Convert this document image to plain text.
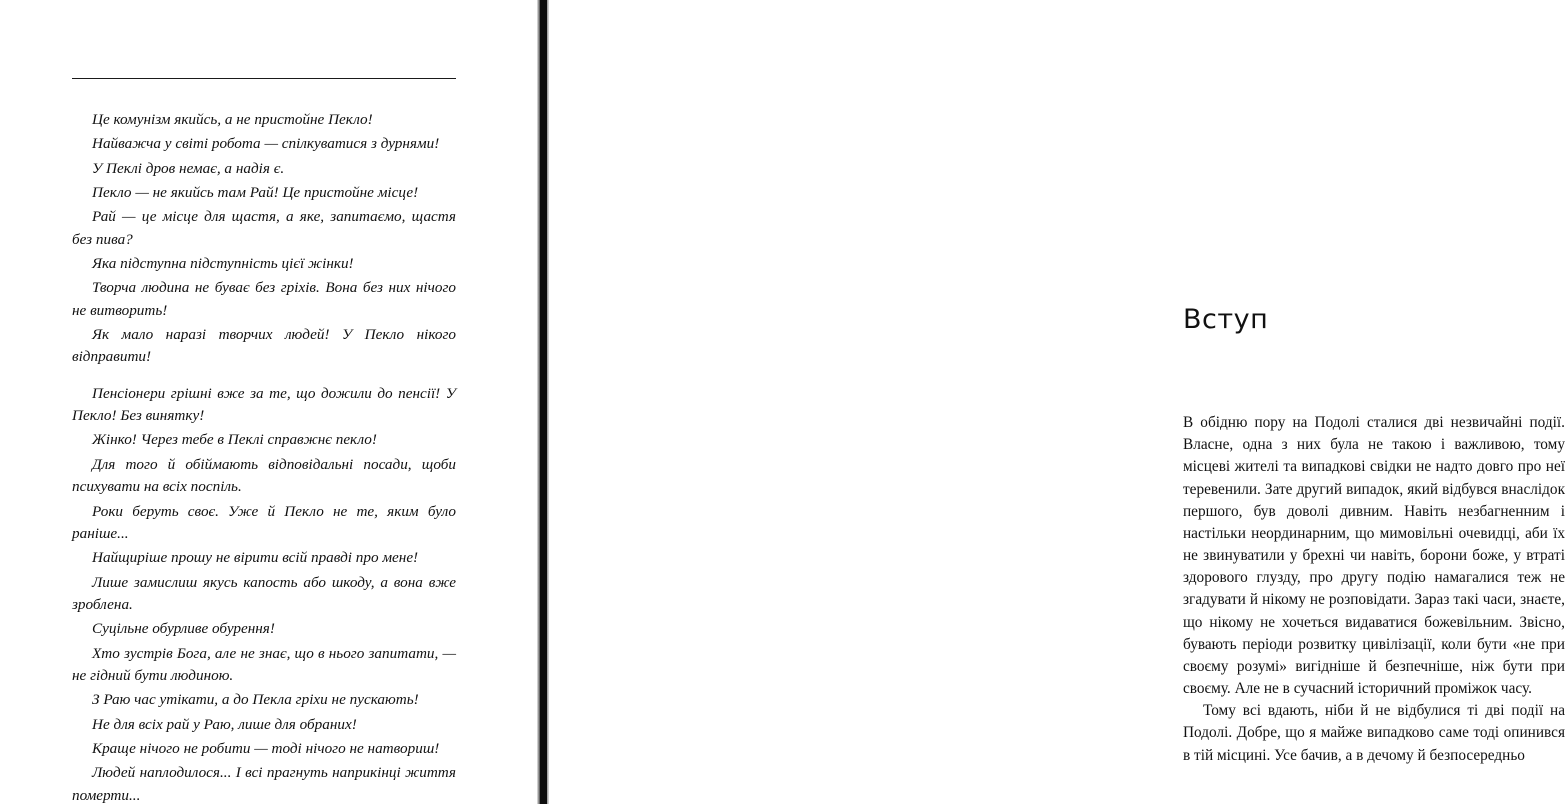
Це комунізм якийсь, а не пристойне Пекло!

Найважча у світі робота — спілкуватися з дурнями!

У Пеклі дров немає, а надія є.

Пекло — не якийсь там Рай! Це пристойне місце!

Рай — це місце для щастя, а яке, запитаємо, щастя без пива?

Яка підступна підступність цієї жінки!

Творча людина не буває без гріхів. Вона без них нічого не витворить!

Як мало наразі творчих людей! У Пекло нікого відправити!

Пенсіонери грішні вже за те, що дожили до пенсії! У Пекло! Без винятку!

Жінко! Через тебе в Пеклі справжнє пекло!

Для того й обіймають відповідальні посади, щоби психувати на всіх поспіль.

Роки беруть своє. Уже й Пекло не те, яким було раніше...

Найщиріше прошу не вірити всій правді про мене!

Лише замислиш якусь капость або шкоду, а вона вже зроблена.

Суцільне обурливе обурення!

Хто зустрів Бога, але не знає, що в нього запитати, — не гідний бути людиною.

З Раю час утікати, а до Пекла гріхи не пускають!

Не для всіх рай у Раю, лише для обраних!

Краще нічого не робити — тоді нічого не натвориш!

Людей наплодилося... І всі прагнуть наприкінці життя померти...

Вступ

В обідню пору на Подолі сталися дві незвичайні події. Власне, одна з них була не такою і важливою, тому місцеві жителі та випадкові свідки не надто довго про неї теревенили. Зате другий випадок, який відбувся внаслідок першого, був доволі дивним. Навіть незбагненним і настільки неординарним, що мимовільні очевидці, аби їх не звинуватили у брехні чи навіть, борони боже, у втраті здорового глузду, про другу подію намагалися теж не згадувати й нікому не розповідати. Зараз такі часи, знаєте, що нікому не хочеться видаватися божевільним. Звісно, бувають періоди розвитку цивілізації, коли бути «не при своєму розумі» вигідніше й безпечніше, ніж бути при своєму. Але не в сучасний історичний проміжок часу.

Тому всі вдають, ніби й не відбулися ті дві події на Подолі. Добре, що я майже випадково саме тоді опинився в тій місцині. Усе бачив, а в дечому й безпосередньо
